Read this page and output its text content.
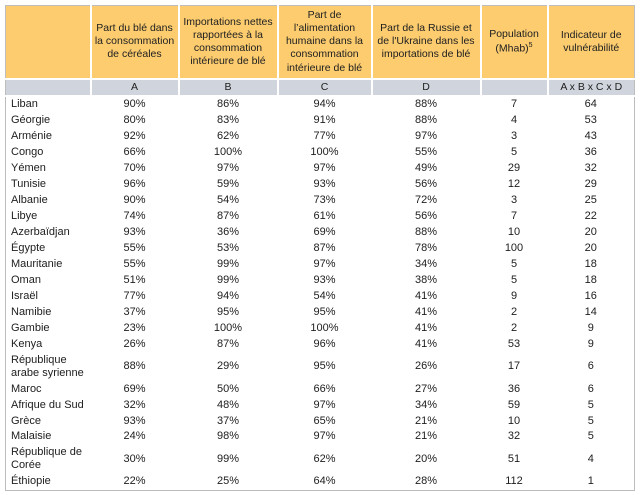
	Part du blé dans la consommation de céréales	Importations nettes rapportées à la consommation intérieure de blé	Part de l’alimentation humaine dans la consommation intérieure de blé	Part de la Russie et de l'Ukraine dans les importations de blé	Population (Mhab)$^5$	Indicateur de vulnérabilité
	A	B	C	D		A x B x C x D
Liban	90%	86%	94%	88%	7	64
Géorgie	80%	83%	91%	88%	4	53
Arménie	92%	62%	77%	97%	3	43
Congo	66%	100%	100%	55%	5	36
Yémen	70%	97%	97%	49%	29	32
Tunisie	96%	59%	93%	56%	12	29
Albanie	90%	54%	73%	72%	3	25
Libye	74%	87%	61%	56%	7	22
Azerbaïdjan	93%	36%	69%	88%	10	20
Égypte	55%	53%	87%	78%	100	20
Mauritanie	55%	99%	97%	34%	5	18
Oman	51%	99%	93%	38%	5	18
Israël	77%	94%	54%	41%	9	16
Namibie	37%	95%	95%	41%	2	14
Gambie	23%	100%	100%	41%	2	9
Kenya	26%	87%	96%	41%	53	9
République arabe syrienne	88%	29%	95%	26%	17	6
Maroc	69%	50%	66%	27%	36	6
Afrique du Sud	32%	48%	97%	34%	59	5
Grèce	93%	37%	65%	21%	10	5
Malaisie	24%	98%	97%	21%	32	5
République de Corée	30%	99%	62%	20%	51	4
Éthiopie	22%	25%	64%	28%	112	1
